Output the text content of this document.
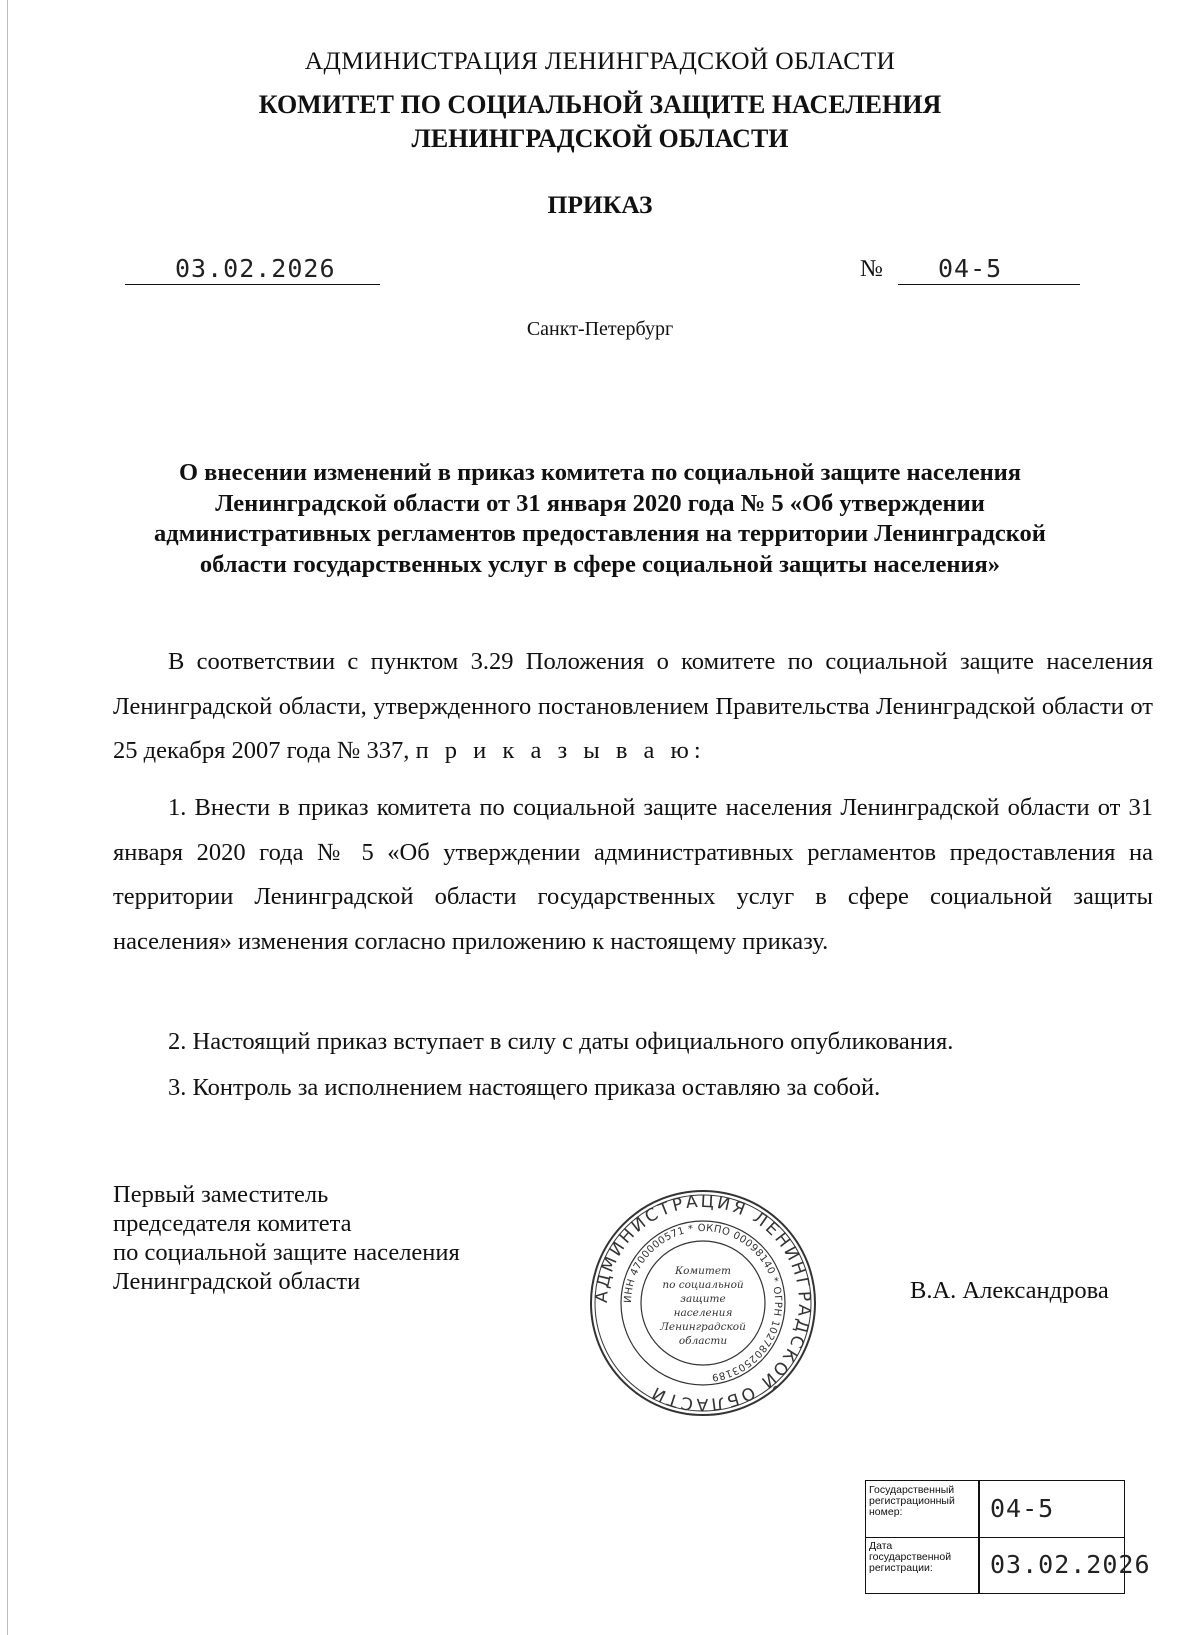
АДМИНИСТРАЦИЯ ЛЕНИНГРАДСКОЙ ОБЛАСТИ
КОМИТЕТ ПО СОЦИАЛЬНОЙ ЗАЩИТЕ НАСЕЛЕНИЯ
ЛЕНИНГРАДСКОЙ ОБЛАСТИ
ПРИКАЗ
03.02.2026	№ 04-5
Санкт-Петербург
О внесении изменений в приказ комитета по социальной защите населения Ленинградской области от 31 января 2020 года № 5 «Об утверждении административных регламентов предоставления на территории Ленинградской области государственных услуг в сфере социальной защиты населения»
В соответствии с пунктом 3.29 Положения о комитете по социальной защите населения Ленинградской области, утвержденного постановлением Правительства Ленинградской области от 25 декабря 2007 года № 337, п р и к а з ы в а ю:
1. Внести в приказ комитета по социальной защите населения Ленинградской области от 31 января 2020 года № 5 «Об утверждении административных регламентов предоставления на территории Ленинградской области государственных услуг в сфере социальной защиты населения» изменения согласно приложению к настоящему приказу.
2. Настоящий приказ вступает в силу с даты официального опубликования.
3. Контроль за исполнением настоящего приказа оставляю за собой.
Первый заместитель
председателя комитета
по социальной защите населения
Ленинградской области	В.А. Александрова
АДМИНИСТРАЦИЯ ЛЕНИНГРАДСКОЙ ОБЛАСТИ
ИНН 4700000571 * ОКПО 00098140 * ОГРН 1027802503189
Комитет
по социальной
защите
населения
Ленинградской
области
Государственный регистрационный номер:	04-5
Дата государственной регистрации:	03.02.2026
